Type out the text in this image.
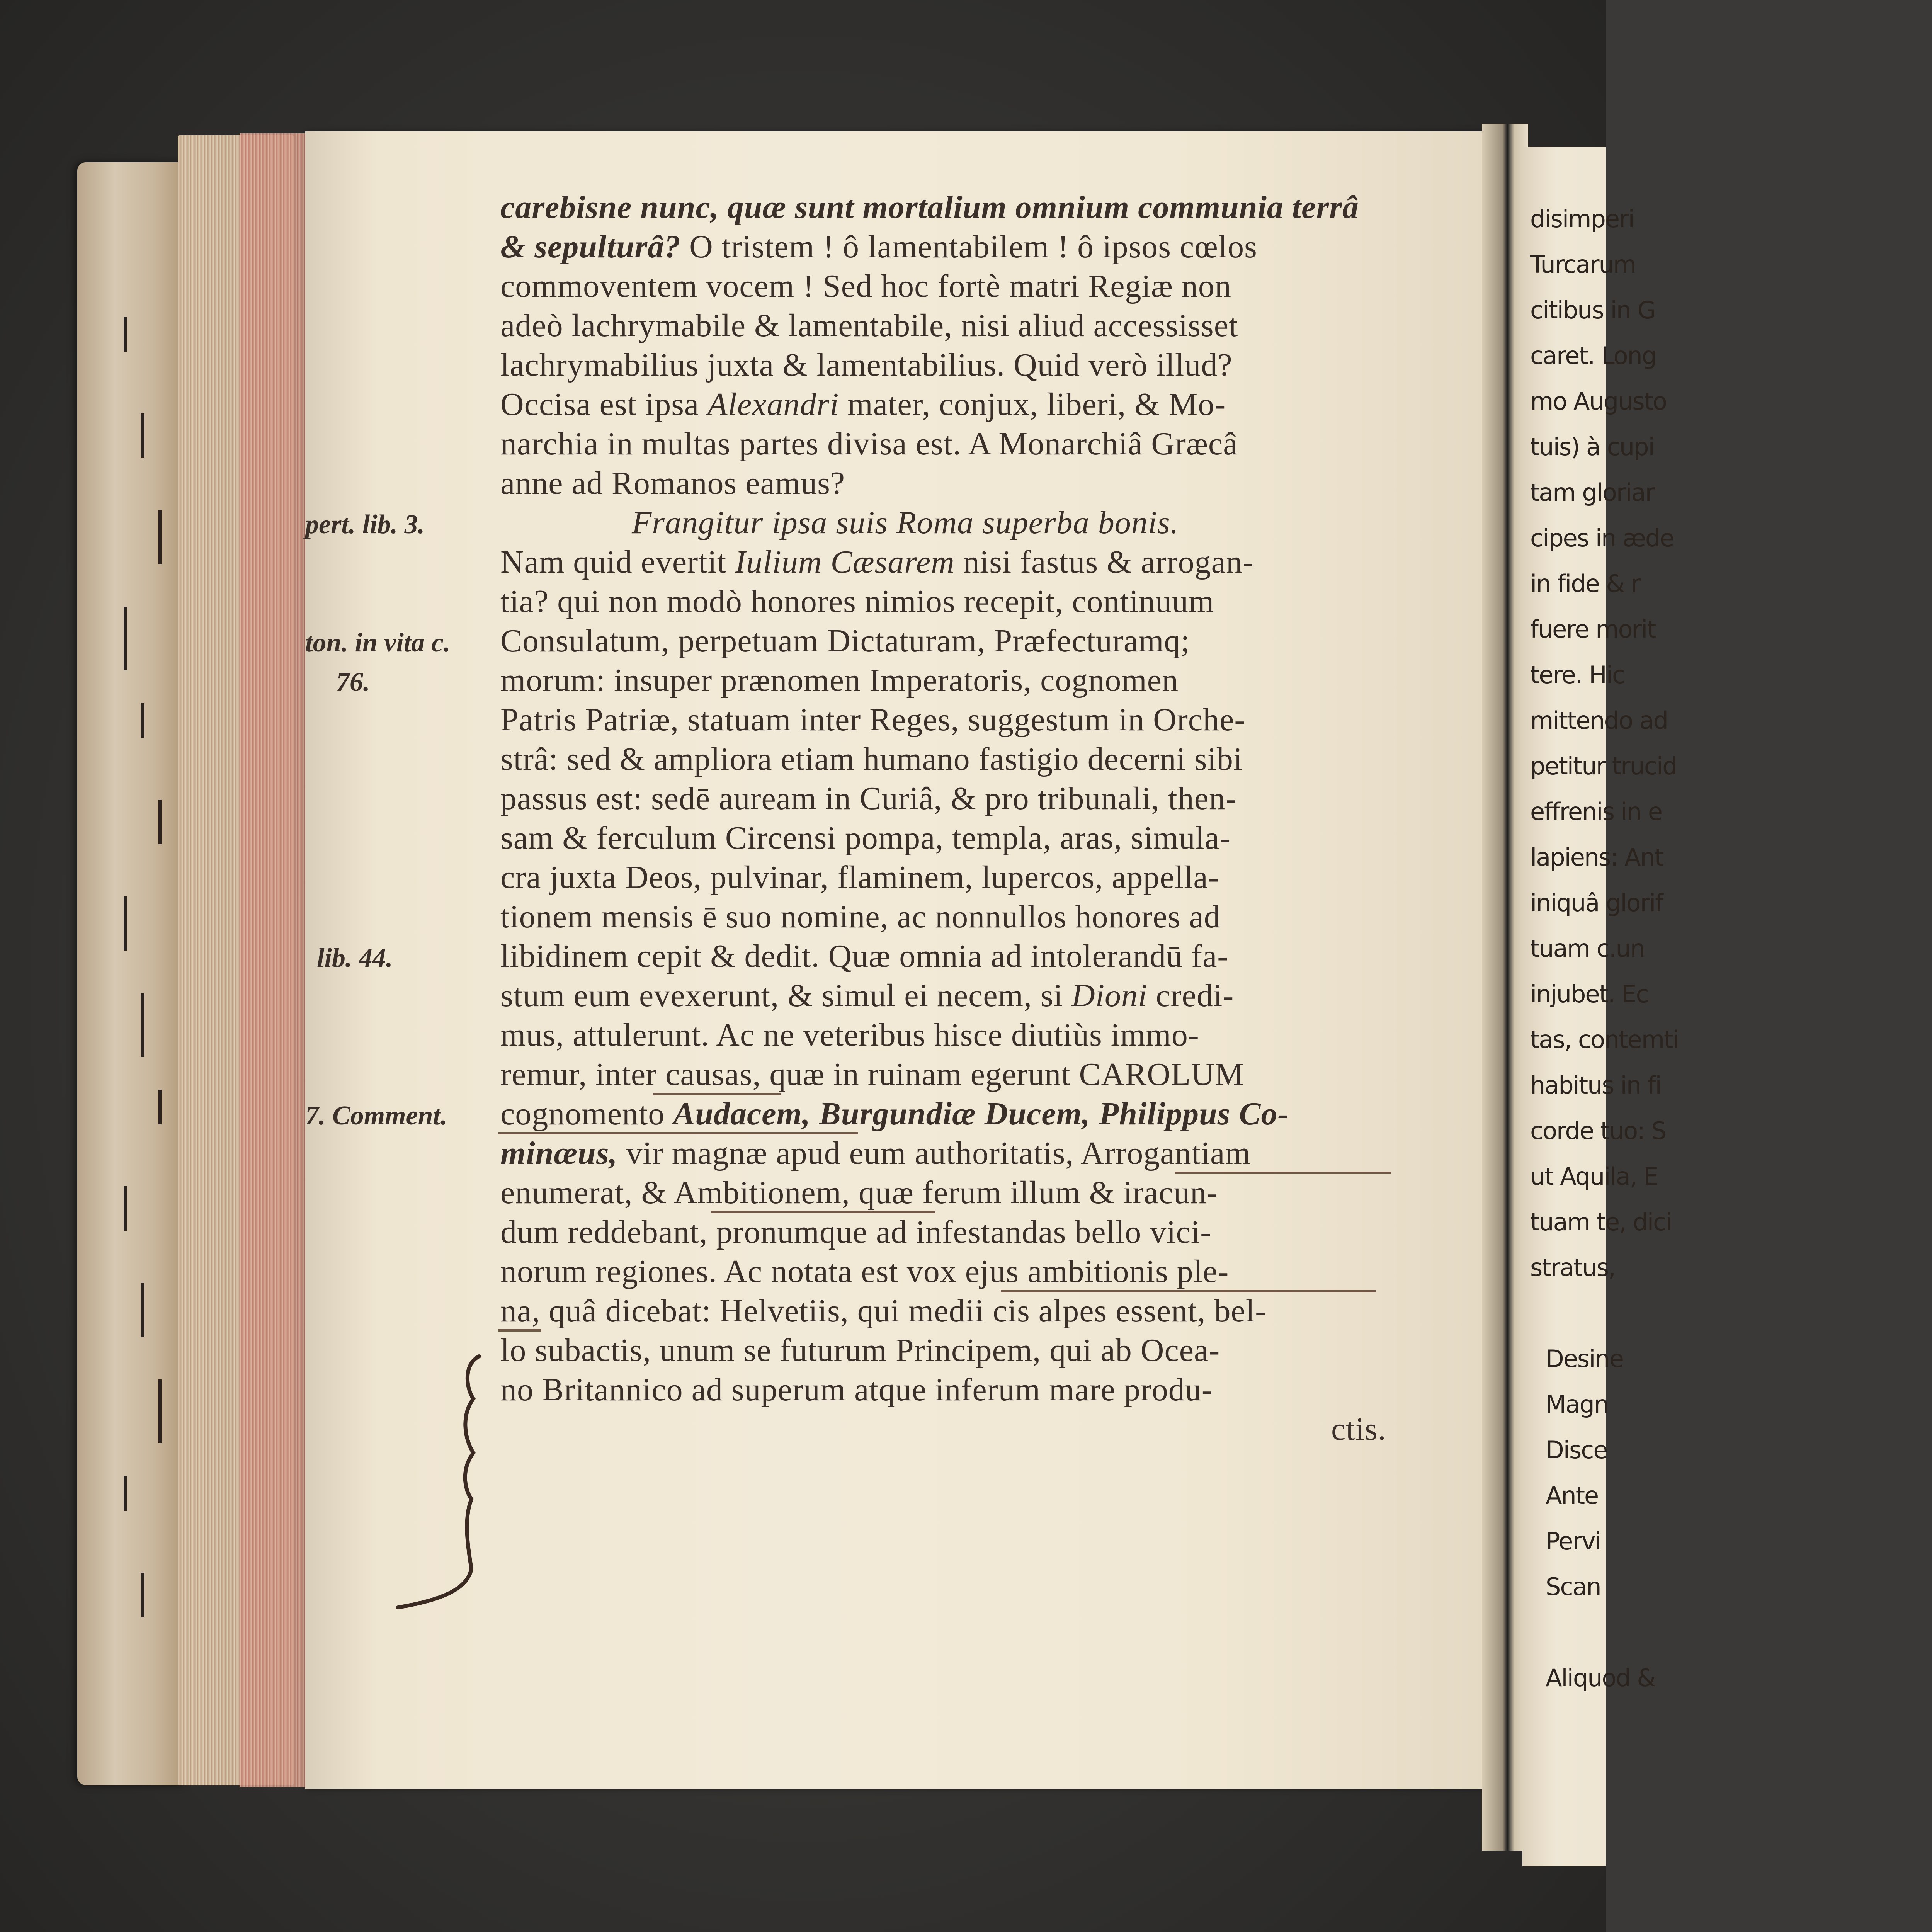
carebisne nunc, quæ sunt mortalium omnium communia terrâ
& sepulturâ? O tristem ! ô lamentabilem ! ô ipsos cœlos
commoventem vocem ! Sed hoc fortè matri Regiæ non
adeò lachrymabile & lamentabile, nisi aliud accessisset
lachrymabilius juxta & lamentabilius. Quid verò illud?
Occisa est ipsa Alexandri mater, conjux, liberi, & Mo-
narchia in multas partes divisa est. A Monarchiâ Græcâ
anne ad Romanos eamus?
Frangitur ipsa suis Roma superba bonis.
Nam quid evertit Iulium Cæsarem nisi fastus & arrogan-
tia? qui non modò honores nimios recepit, continuum
Consulatum, perpetuam Dictaturam, Præfecturamq;
morum: insuper prænomen Imperatoris, cognomen
Patris Patriæ, statuam inter Reges, suggestum in Orche-
strâ: sed & ampliora etiam humano fastigio decerni sibi
passus est: sedē auream in Curiâ, & pro tribunali, then-
sam & ferculum Circensi pompa, templa, aras, simula-
cra juxta Deos, pulvinar, flaminem, lupercos, appella-
tionem mensis ē suo nomine, ac nonnullos honores ad
libidinem cepit & dedit. Quæ omnia ad intolerandū fa-
stum eum evexerunt, & simul ei necem, si Dioni credi-
mus, attulerunt. Ac ne veteribus hisce diutiùs immo-
remur, inter causas, quæ in ruinam egerunt CAROLUM
cognomento Audacem, Burgundiæ Ducem, Philippus Co-
minæus, vir magnæ apud eum authoritatis, Arrogantiam
enumerat, & Ambitionem, quæ ferum illum & iracun-
dum reddebant, pronumque ad infestandas bello vici-
norum regiones. Ac notata est vox ejus ambitionis ple-
na, quâ dicebat: Helvetiis, qui medii cis alpes essent, bel-
lo subactis, unum se futurum Principem, qui ab Ocea-
no Britannico ad superum atque inferum mare produ-
ctis.
pert. lib. 3.
ton. in vita c.
76.
lib. 44.
7. Comment.
disimperi
Turcarum
citibus in G
caret. Long
mo Augusto
tuis) à cupi
tam gloriar
cipes in æde
in fide & r
fuere morit
tere. Hic
mittendo ad
petitur trucid
effrenis in e
lapiens: Ant
iniquâ glorif
tuam c.un
injubet. Ec
tas, contemti
habitus in fi
corde tuo: S
ut Aquila, E
tuam te, dici
stratus,
Desine
Magn
Disce
Ante
Pervi
Scan
Aliquod &
